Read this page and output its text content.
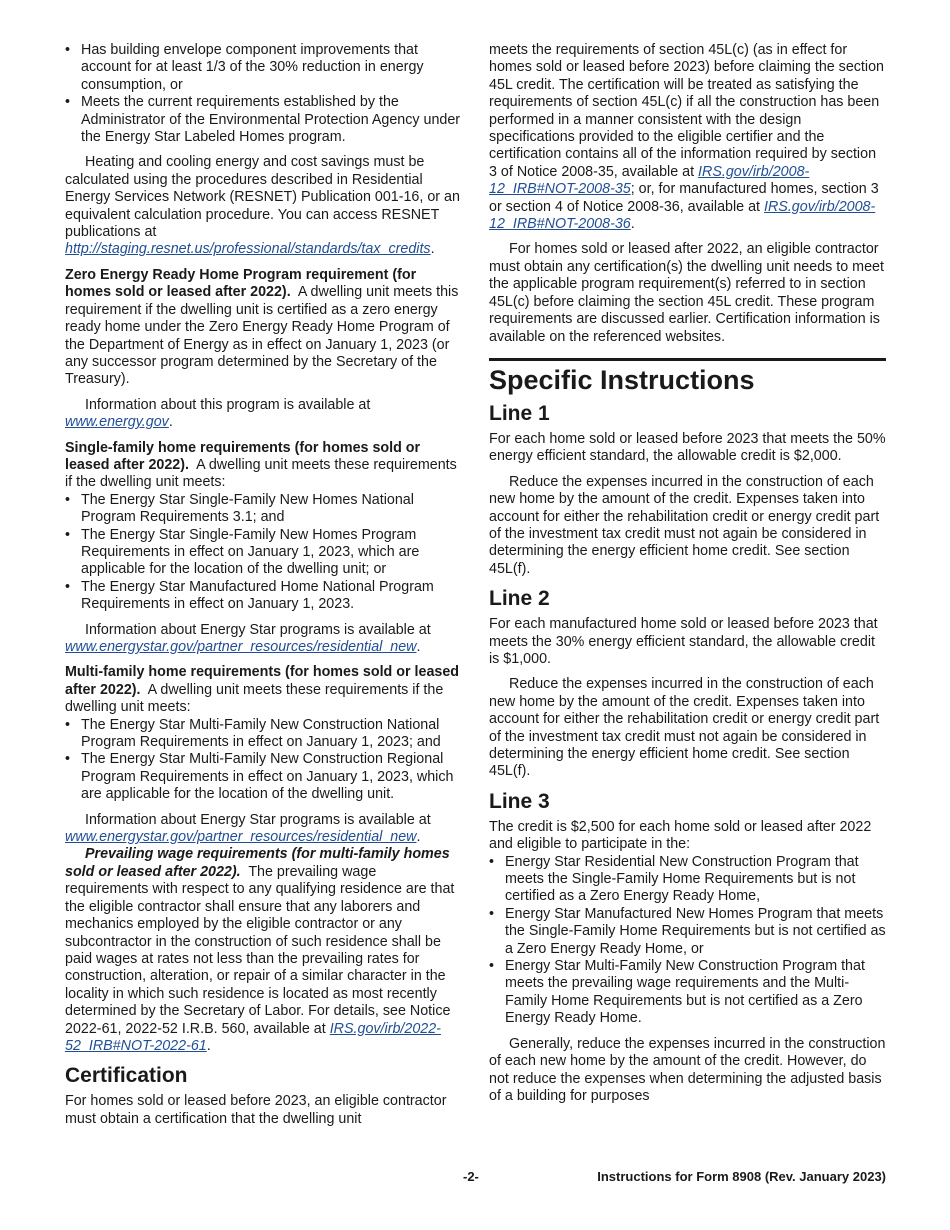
• Has building envelope component improvements that account for at least 1/3 of the 30% reduction in energy consumption, or

• Meets the current requirements established by the Administrator of the Environmental Protection Agency under the Energy Star Labeled Homes program.

Heating and cooling energy and cost savings must be calculated using the procedures described in Residential Energy Services Network (RESNET) Publication 001-16, or an equivalent calculation procedure. You can access RESNET publications at http://staging.resnet.us/professional/standards/tax_credits.

Zero Energy Ready Home Program requirement (for homes sold or leased after 2022). A dwelling unit meets this requirement if the dwelling unit is certified as a zero energy ready home under the Zero Energy Ready Home Program of the Department of Energy as in effect on January 1, 2023 (or any successor program determined by the Secretary of the Treasury).

Information about this program is available at www.energy.gov.

Single-family home requirements (for homes sold or leased after 2022). A dwelling unit meets these requirements if the dwelling unit meets:

• The Energy Star Single-Family New Homes National Program Requirements 3.1; and

• The Energy Star Single-Family New Homes Program Requirements in effect on January 1, 2023, which are applicable for the location of the dwelling unit; or

• The Energy Star Manufactured Home National Program Requirements in effect on January 1, 2023.

Information about Energy Star programs is available at www.energystar.gov/partner_resources/residential_new.

Multi-family home requirements (for homes sold or leased after 2022). A dwelling unit meets these requirements if the dwelling unit meets:

• The Energy Star Multi-Family New Construction National Program Requirements in effect on January 1, 2023; and

• The Energy Star Multi-Family New Construction Regional Program Requirements in effect on January 1, 2023, which are applicable for the location of the dwelling unit.

Information about Energy Star programs is available at www.energystar.gov/partner_resources/residential_new.

Prevailing wage requirements (for multi-family homes sold or leased after 2022). The prevailing wage requirements with respect to any qualifying residence are that the eligible contractor shall ensure that any laborers and mechanics employed by the eligible contractor or any subcontractor in the construction of such residence shall be paid wages at rates not less than the prevailing rates for construction, alteration, or repair of a similar character in the locality in which such residence is located as most recently determined by the Secretary of Labor. For details, see Notice 2022-61, 2022-52 I.R.B. 560, available at IRS.gov/irb/2022-52_IRB#NOT-2022-61.

Certification

For homes sold or leased before 2023, an eligible contractor must obtain a certification that the dwelling unit

meets the requirements of section 45L(c) (as in effect for homes sold or leased before 2023) before claiming the section 45L credit. The certification will be treated as satisfying the requirements of section 45L(c) if all the construction has been performed in a manner consistent with the design specifications provided to the eligible certifier and the certification contains all of the information required by section 3 of Notice 2008-35, available at IRS.gov/irb/2008-12_IRB#NOT-2008-35; or, for manufactured homes, section 3 or section 4 of Notice 2008-36, available at IRS.gov/irb/2008-12_IRB#NOT-2008-36.

For homes sold or leased after 2022, an eligible contractor must obtain any certification(s) the dwelling unit needs to meet the applicable program requirement(s) referred to in section 45L(c) before claiming the section 45L credit. These program requirements are discussed earlier. Certification information is available on the referenced websites.

Specific Instructions
Line 1

For each home sold or leased before 2023 that meets the 50% energy efficient standard, the allowable credit is $2,000.

Reduce the expenses incurred in the construction of each new home by the amount of the credit. Expenses taken into account for either the rehabilitation credit or energy credit part of the investment tax credit must not again be considered in determining the energy efficient home credit. See section 45L(f).

Line 2

For each manufactured home sold or leased before 2023 that meets the 30% energy efficient standard, the allowable credit is $1,000.

Reduce the expenses incurred in the construction of each new home by the amount of the credit. Expenses taken into account for either the rehabilitation credit or energy credit part of the investment tax credit must not again be considered in determining the energy efficient home credit. See section 45L(f).

Line 3

The credit is $2,500 for each home sold or leased after 2022 and eligible to participate in the:

• Energy Star Residential New Construction Program that meets the Single-Family Home Requirements but is not certified as a Zero Energy Ready Home,

• Energy Star Manufactured New Homes Program that meets the Single-Family Home Requirements but is not certified as a Zero Energy Ready Home, or

• Energy Star Multi-Family New Construction Program that meets the prevailing wage requirements and the Multi-Family Home Requirements but is not certified as a Zero Energy Ready Home.

Generally, reduce the expenses incurred in the construction of each new home by the amount of the credit. However, do not reduce the expenses when determining the adjusted basis of a building for purposes

-2-	Instructions for Form 8908 (Rev. January 2023)
